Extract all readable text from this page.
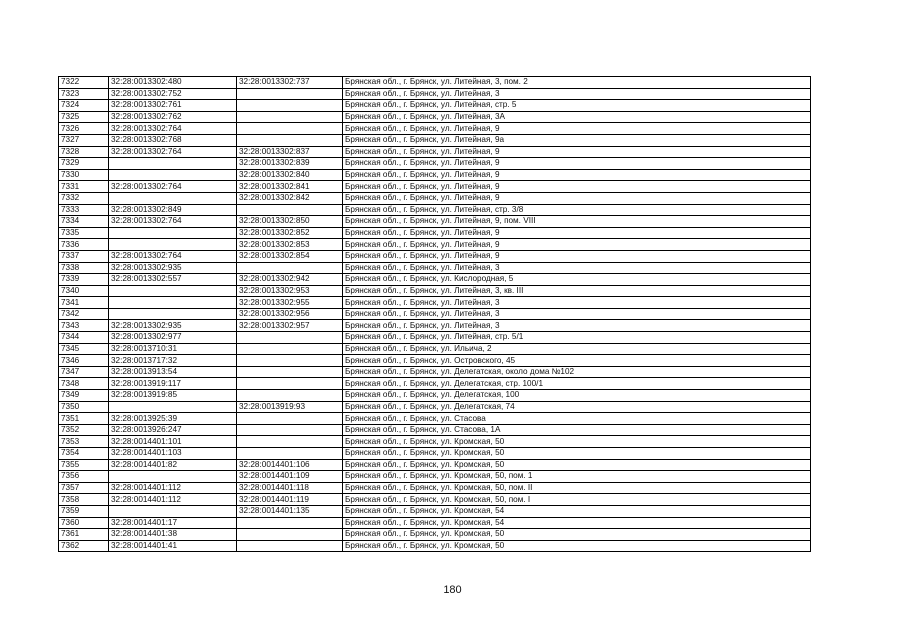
7322	32:28:0013302:480	32:28:0013302:737	Брянская обл., г. Брянск, ул. Литейная, 3, пом. 2
7323	32:28:0013302:752		Брянская обл., г. Брянск, ул. Литейная, 3
7324	32:28:0013302:761		Брянская обл., г. Брянск, ул. Литейная, стр. 5
7325	32:28:0013302:762		Брянская обл., г. Брянск, ул. Литейная, 3А
7326	32:28:0013302:764		Брянская обл., г. Брянск, ул. Литейная, 9
7327	32:28:0013302:768		Брянская обл., г. Брянск, ул. Литейная, 9а
7328	32:28:0013302:764	32:28:0013302:837	Брянская обл., г. Брянск, ул. Литейная, 9
7329		32:28:0013302:839	Брянская обл., г. Брянск, ул. Литейная, 9
7330		32:28:0013302:840	Брянская обл., г. Брянск, ул. Литейная, 9
7331	32:28:0013302:764	32:28:0013302:841	Брянская обл., г. Брянск, ул. Литейная, 9
7332		32:28:0013302:842	Брянская обл., г. Брянск, ул. Литейная, 9
7333	32:28:0013302:849		Брянская обл., г. Брянск, ул. Литейная, стр. 3/8
7334	32:28:0013302:764	32:28:0013302:850	Брянская обл., г. Брянск, ул. Литейная, 9, пом. VIII
7335		32:28:0013302:852	Брянская обл., г. Брянск, ул. Литейная, 9
7336		32:28:0013302:853	Брянская обл., г. Брянск, ул. Литейная, 9
7337	32:28:0013302:764	32:28:0013302:854	Брянская обл., г. Брянск, ул. Литейная, 9
7338	32:28:0013302:935		Брянская обл., г. Брянск, ул. Литейная, 3
7339	32:28:0013302:557	32:28:0013302:942	Брянская обл., г. Брянск, ул. Кислородная, 5
7340		32:28:0013302:953	Брянская обл., г. Брянск, ул. Литейная, 3, кв. III
7341		32:28:0013302:955	Брянская обл., г. Брянск, ул. Литейная, 3
7342		32:28:0013302:956	Брянская обл., г. Брянск, ул. Литейная, 3
7343	32:28:0013302:935	32:28:0013302:957	Брянская обл., г. Брянск, ул. Литейная, 3
7344	32:28:0013302:977		Брянская обл., г. Брянск, ул. Литейная, стр. 5/1
7345	32:28:0013710:31		Брянская обл., г. Брянск, ул. Ильича, 2
7346	32:28:0013717:32		Брянская обл., г. Брянск, ул. Островского, 45
7347	32:28:0013913:54		Брянская обл., г. Брянск, ул. Делегатская, около дома №102
7348	32:28:0013919:117		Брянская обл., г. Брянск, ул. Делегатская, стр. 100/1
7349	32:28:0013919:85		Брянская обл., г. Брянск, ул. Делегатская, 100
7350		32:28:0013919:93	Брянская обл., г. Брянск, ул. Делегатская, 74
7351	32:28:0013925:39		Брянская обл., г. Брянск, ул. Стасова
7352	32:28:0013926:247		Брянская обл., г. Брянск, ул. Стасова, 1А
7353	32:28:0014401:101		Брянская обл., г. Брянск, ул. Кромская, 50
7354	32:28:0014401:103		Брянская обл., г. Брянск, ул. Кромская, 50
7355	32:28:0014401:82	32:28:0014401:106	Брянская обл., г. Брянск, ул. Кромская, 50
7356		32:28:0014401:109	Брянская обл., г. Брянск, ул. Кромская, 50, пом. 1
7357	32:28:0014401:112	32:28:0014401:118	Брянская обл., г. Брянск, ул. Кромская, 50, пом. II
7358	32:28:0014401:112	32:28:0014401:119	Брянская обл., г. Брянск, ул. Кромская, 50, пом. I
7359		32:28:0014401:135	Брянская обл., г. Брянск, ул. Кромская, 54
7360	32:28:0014401:17		Брянская обл., г. Брянск, ул. Кромская, 54
7361	32:28:0014401:38		Брянская обл., г. Брянск, ул. Кромская, 50
7362	32:28:0014401:41		Брянская обл., г. Брянск, ул. Кромская, 50
180
